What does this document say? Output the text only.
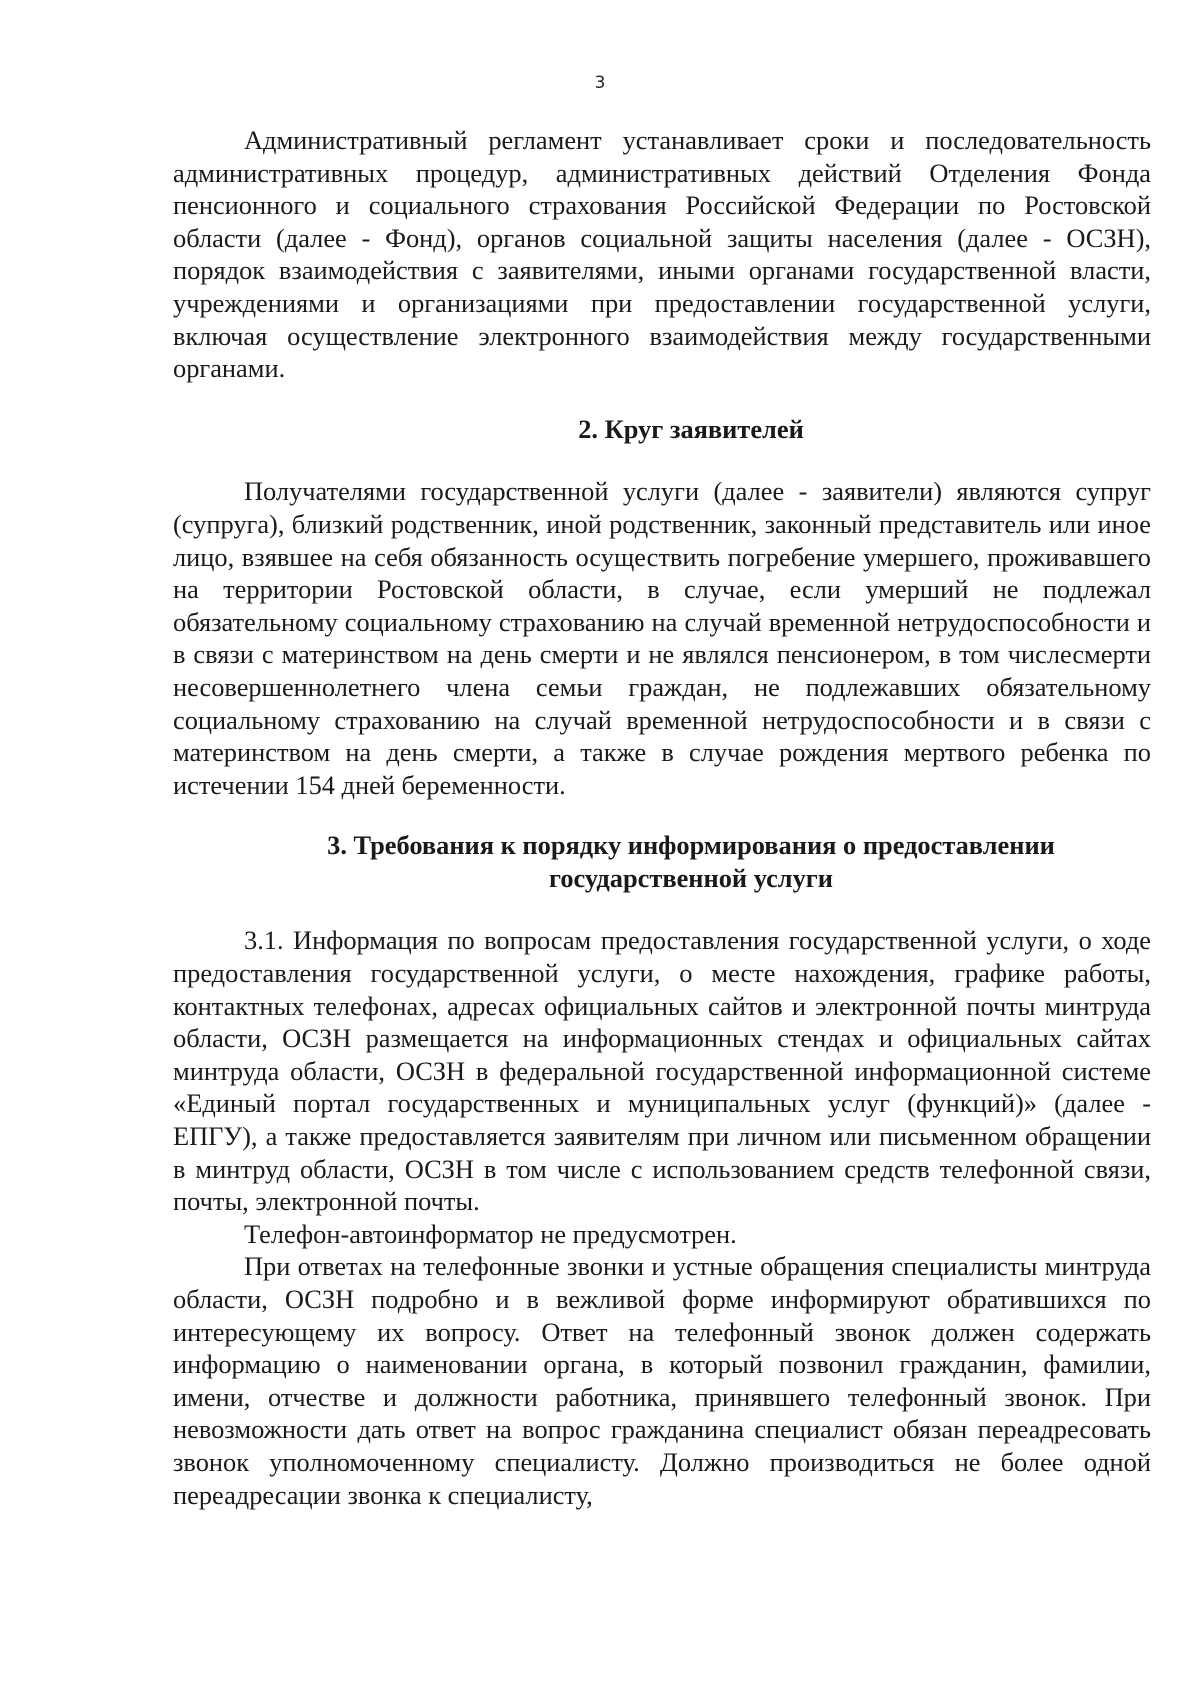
3

Административный регламент устанавливает сроки и последовательность административных процедур, административных действий Отделения Фонда пенсионного и социального страхования Российской Федерации по Ростовской области (далее - Фонд), органов социальной защиты населения (далее - ОСЗН), порядок взаимодействия с заявителями, иными органами государственной власти, учреждениями и организациями при предоставлении государственной услуги, включая осуществление электронного взаимодействия между государственными органами.

2. Круг заявителей

Получателями государственной услуги (далее - заявители) являются супруг (супруга), близкий родственник, иной родственник, законный представитель или иное лицо, взявшее на себя обязанность осуществить погребение умершего, проживавшего на территории Ростовской области, в случае, если умерший не подлежал обязательному социальному страхованию на случай временной нетрудоспособности и в связи с материнством на день смерти и не являлся пенсионером, в том числесмерти несовершеннолетнего члена семьи граждан, не подлежавших обязательному социальному страхованию на случай временной нетрудоспособности и в связи с материнством на день смерти, а также в случае рождения мертвого ребенка по истечении 154 дней беременности.

3. Требования к порядку информирования о предоставлении государственной услуги

3.1. Информация по вопросам предоставления государственной услуги, о ходе предоставления государственной услуги, о месте нахождения, графике работы, контактных телефонах, адресах официальных сайтов и электронной почты минтруда области, ОСЗН размещается на информационных стендах и официальных сайтах минтруда области, ОСЗН в федеральной государственной информационной системе «Единый портал государственных и муниципальных услуг (функций)» (далее - ЕПГУ), а также предоставляется заявителям при личном или письменном обращении в минтруд области, ОСЗН в том числе с использованием средств телефонной связи, почты, электронной почты.

Телефон-автоинформатор не предусмотрен.

При ответах на телефонные звонки и устные обращения специалисты минтруда области, ОСЗН подробно и в вежливой форме информируют обратившихся по интересующему их вопросу. Ответ на телефонный звонок должен содержать информацию о наименовании органа, в который позвонил гражданин, фамилии, имени, отчестве и должности работника, принявшего телефонный звонок. При невозможности дать ответ на вопрос гражданина специалист обязан переадресовать звонок уполномоченному специалисту. Должно производиться не более одной переадресации звонка к специалисту,
